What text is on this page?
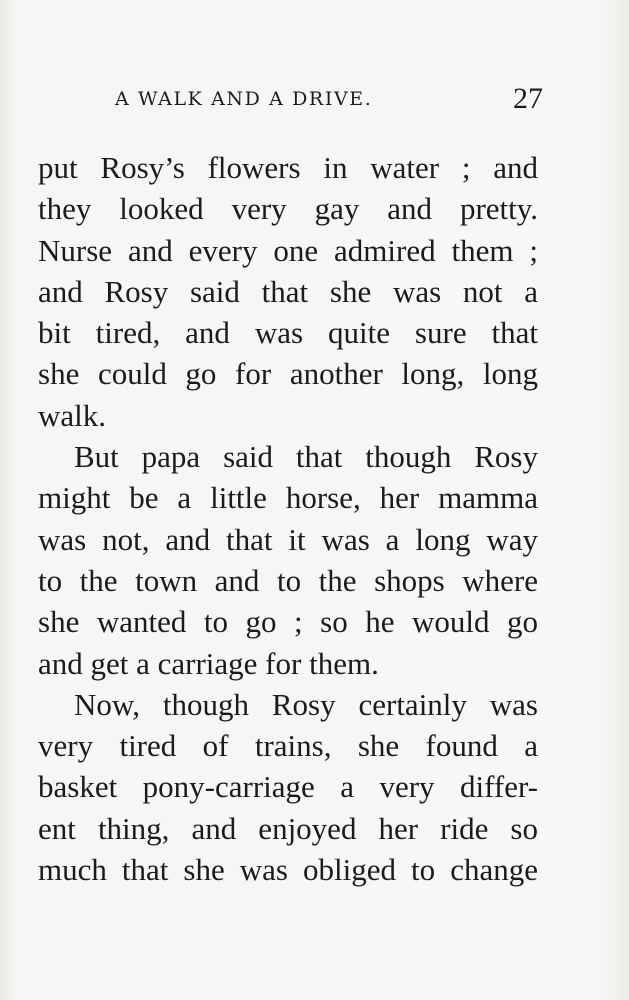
A WALK AND A DRIVE.	27
put Rosy’s flowers in water ; and
they looked very gay and pretty.
Nurse and every one admired them ;
and Rosy said that she was not a
bit tired, and was quite sure that
she could go for another long, long
walk.
But papa said that though Rosy
might be a little horse, her mamma
was not, and that it was a long way
to the town and to the shops where
she wanted to go ; so he would go
and get a carriage for them.
Now, though Rosy certainly was
very tired of trains, she found a
basket pony-carriage a very differ-
ent thing, and enjoyed her ride so
much that she was obliged to change
